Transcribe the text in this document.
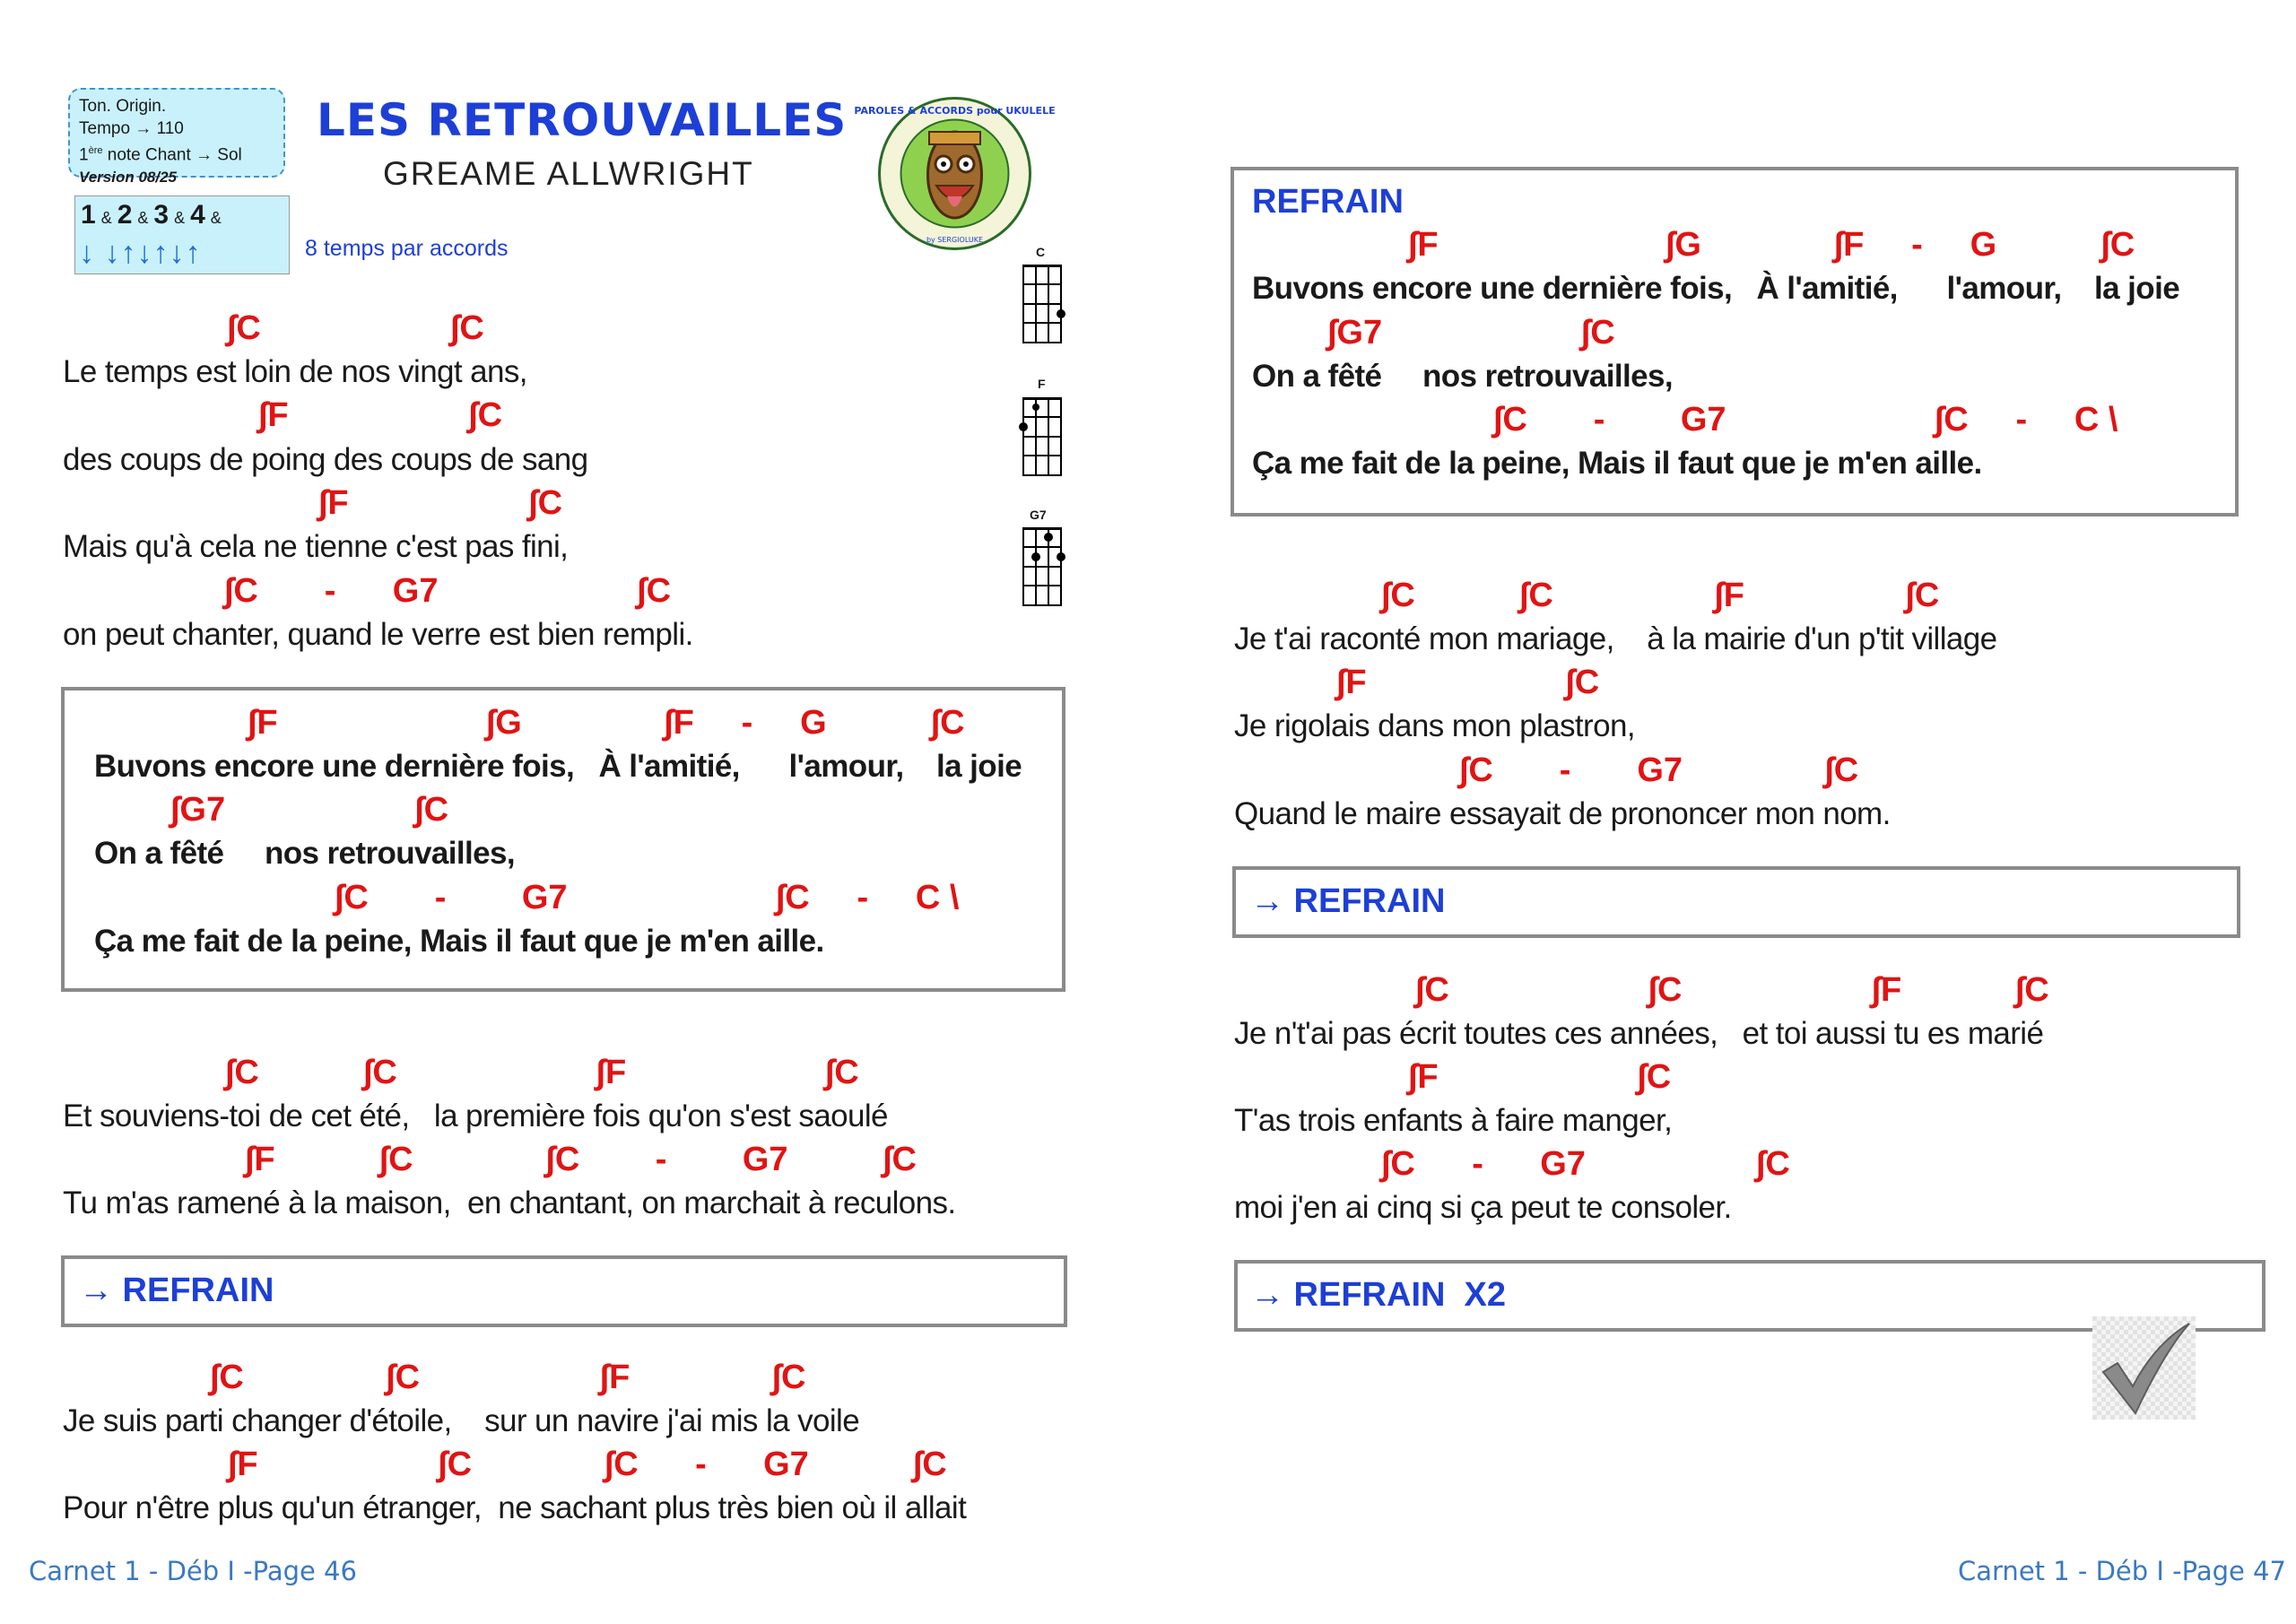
Ton. Origin.
Tempo → 110
1ère note Chant → Sol
Version 08/25
LES RETROUVAILLES
GREAME ALLWRIGHT
1 & 2 & 3 & 4 &
↓ ↓↑↓↑↓↑	8 temps par accords
PAROLES & ACCORDS pour UKULELE
by SERGIOLUKE
C
F
G7
∫C                    ∫C
Le temps est loin de nos vingt ans,
∫F                   ∫C
des coups de poing des coups de sang
∫F                   ∫C
Mais qu'à cela ne tienne c'est pas fini,
∫C       -      G7                     ∫C
on peut chanter, quand le verre est bien rempli.
∫F                      ∫G               ∫F     -     G           ∫C
Buvons encore une dernière fois,   À l'amitié,      l'amour,    la joie
∫G7                    ∫C
On a fêté     nos retrouvailles,
∫C       -        G7                      ∫C     -     C \
Ça me fait de la peine, Mais il faut que je m'en aille.
∫C           ∫C                     ∫F                     ∫C
Et souviens-toi de cet été,   la première fois qu'on s'est saoulé
∫F           ∫C              ∫C        -        G7          ∫C
Tu m'as ramené à la maison,  en chantant, on marchait à reculons.
→ REFRAIN
∫C               ∫C                   ∫F               ∫C
Je suis parti changer d'étoile,    sur un navire j'ai mis la voile
∫F                   ∫C              ∫C      -      G7           ∫C
Pour n'être plus qu'un étranger,  ne sachant plus très bien où il allait
Carnet 1 - Déb I -Page 46
REFRAIN
∫F                        ∫G              ∫F     -     G           ∫C
Buvons encore une dernière fois,   À l'amitié,      l'amour,    la joie
∫G7                     ∫C
On a fêté     nos retrouvailles,
∫C       -        G7                      ∫C     -     C \
Ça me fait de la peine, Mais il faut que je m'en aille.
∫C           ∫C                 ∫F                 ∫C
Je t'ai raconté mon mariage,    à la mairie d'un p'tit village
∫F                     ∫C
Je rigolais dans mon plastron,
∫C       -       G7               ∫C
Quand le maire essayait de prononcer mon nom.
→ REFRAIN
∫C                     ∫C                    ∫F            ∫C
Je n't'ai pas écrit toutes ces années,   et toi aussi tu es marié
∫F                     ∫C
T'as trois enfants à faire manger,
∫C      -      G7                  ∫C
moi j'en ai cinq si ça peut te consoler.
→ REFRAIN  X2
Carnet 1 - Déb I -Page 47
